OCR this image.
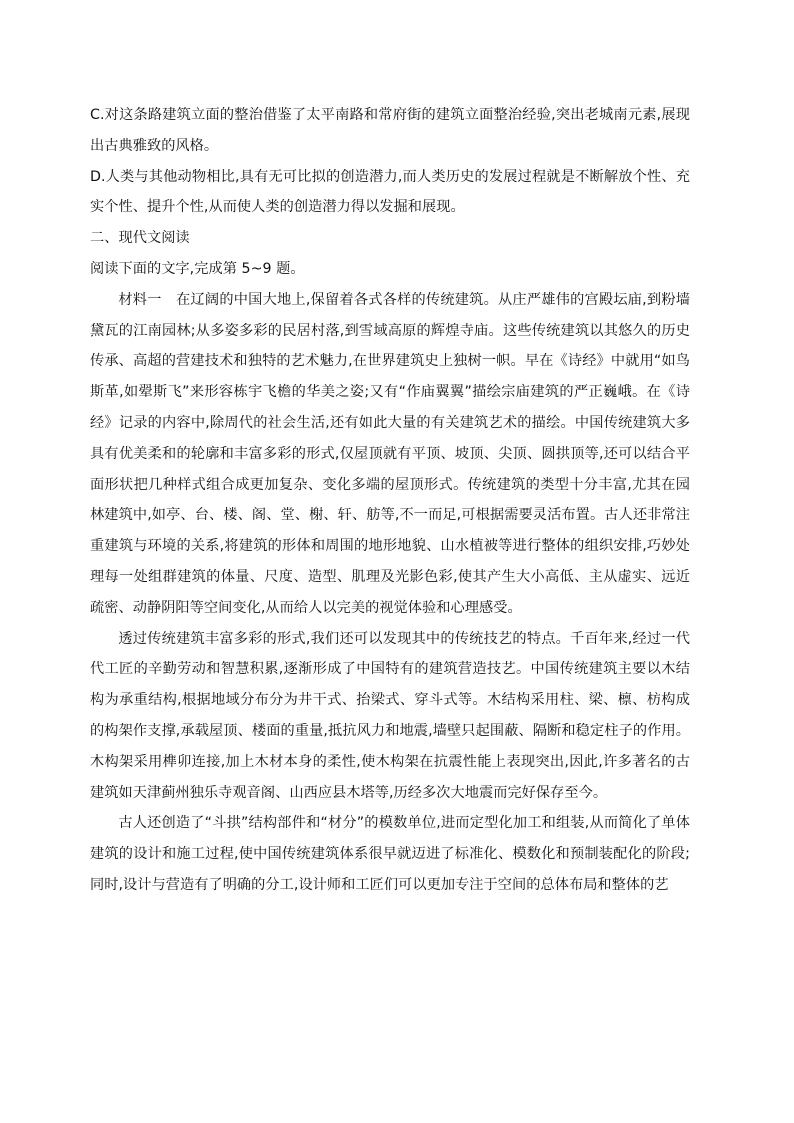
C.对这条路建筑立面的整治借鉴了太平南路和常府街的建筑立面整治经验,突出老城南元素,展现出古典雅致的风格。

D.人类与其他动物相比,具有无可比拟的创造潜力,而人类历史的发展过程就是不断解放个性、充实个性、提升个性,从而使人类的创造潜力得以发掘和展现。

二、现代文阅读

阅读下面的文字,完成第 5~9 题。

材料一　在辽阔的中国大地上,保留着各式各样的传统建筑。从庄严雄伟的宫殿坛庙,到粉墙黛瓦的江南园林;从多姿多彩的民居村落,到雪域高原的辉煌寺庙。这些传统建筑以其悠久的历史传承、高超的营建技术和独特的艺术魅力,在世界建筑史上独树一帜。早在《诗经》中就用“如鸟斯革,如翚斯飞”来形容栋宇飞檐的华美之姿;又有“作庙翼翼”描绘宗庙建筑的严正巍峨。在《诗经》记录的内容中,除周代的社会生活,还有如此大量的有关建筑艺术的描绘。中国传统建筑大多具有优美柔和的轮廓和丰富多彩的形式,仅屋顶就有平顶、坡顶、尖顶、圆拱顶等,还可以结合平面形状把几种样式组合成更加复杂、变化多端的屋顶形式。传统建筑的类型十分丰富,尤其在园林建筑中,如亭、台、楼、阁、堂、榭、轩、舫等,不一而足,可根据需要灵活布置。古人还非常注重建筑与环境的关系,将建筑的形体和周围的地形地貌、山水植被等进行整体的组织安排,巧妙处理每一处组群建筑的体量、尺度、造型、肌理及光影色彩,使其产生大小高低、主从虚实、远近疏密、动静阴阳等空间变化,从而给人以完美的视觉体验和心理感受。

透过传统建筑丰富多彩的形式,我们还可以发现其中的传统技艺的特点。千百年来,经过一代代工匠的辛勤劳动和智慧积累,逐渐形成了中国特有的建筑营造技艺。中国传统建筑主要以木结构为承重结构,根据地域分布分为井干式、抬梁式、穿斗式等。木结构采用柱、梁、檩、枋构成的构架作支撑,承载屋顶、楼面的重量,抵抗风力和地震,墙壁只起围蔽、隔断和稳定柱子的作用。木构架采用榫卯连接,加上木材本身的柔性,使木构架在抗震性能上表现突出,因此,许多著名的古建筑如天津蓟州独乐寺观音阁、山西应县木塔等,历经多次大地震而完好保存至今。

古人还创造了“斗拱”结构部件和“材分”的模数单位,进而定型化加工和组装,从而简化了单体建筑的设计和施工过程,使中国传统建筑体系很早就迈进了标准化、模数化和预制装配化的阶段;同时,设计与营造有了明确的分工,设计师和工匠们可以更加专注于空间的总体布局和整体的艺
